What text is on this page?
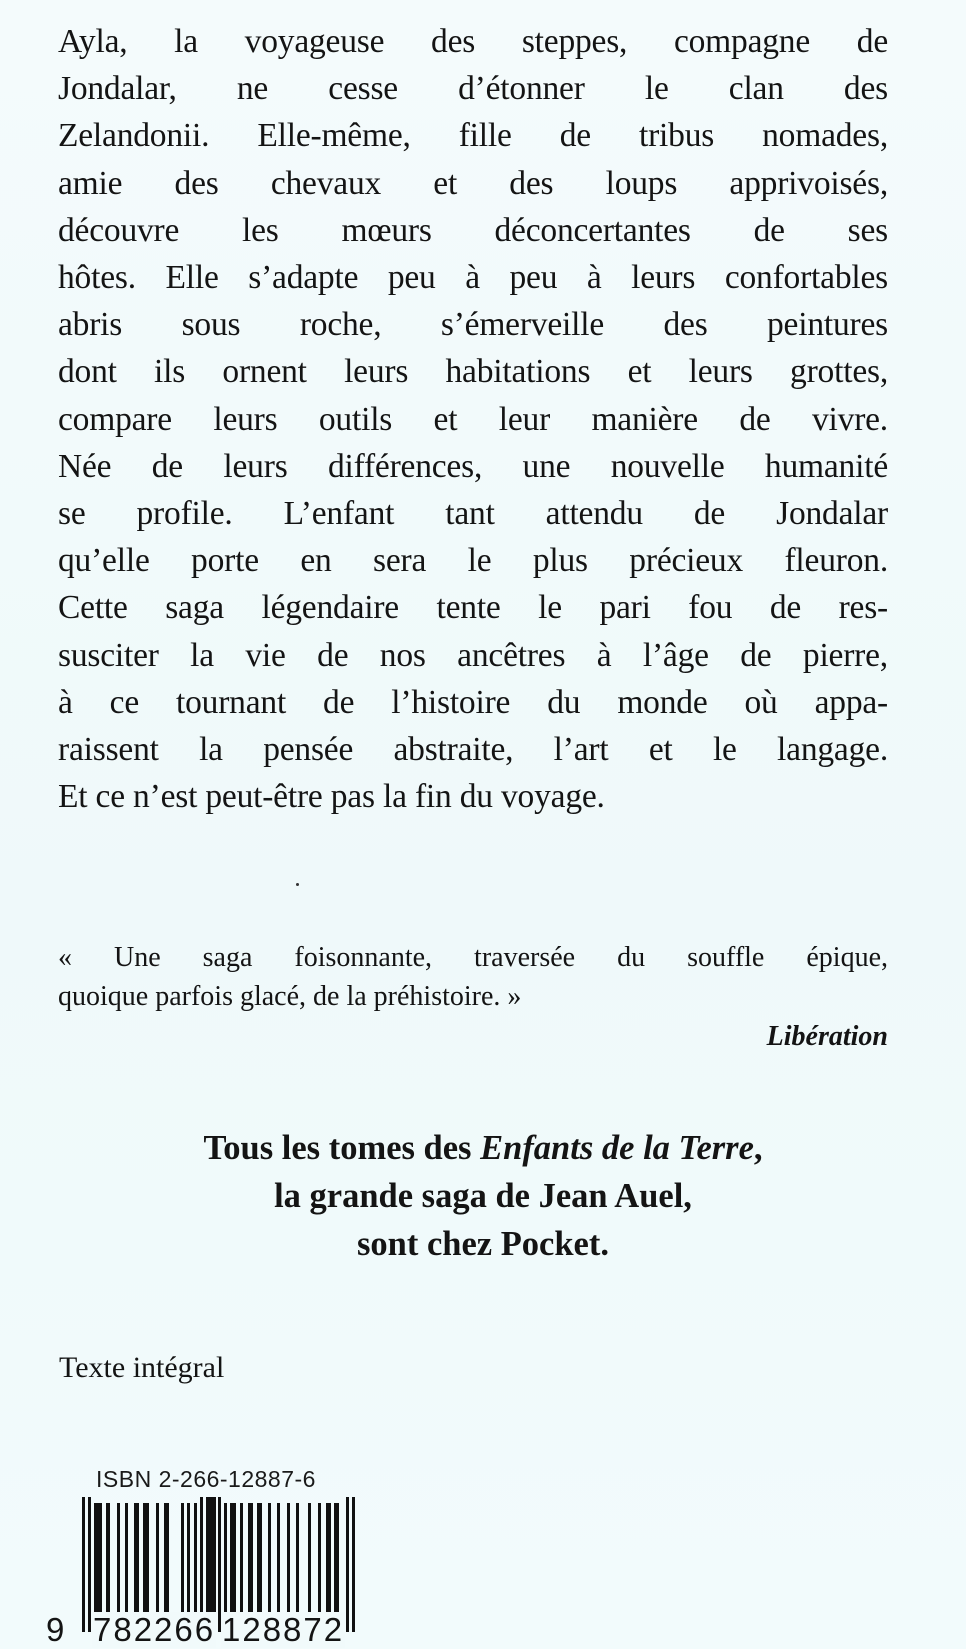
Ayla, la voyageuse des steppes, compagne de
Jondalar, ne cesse d’étonner le clan des
Zelandonii. Elle-même, fille de tribus nomades,
amie des chevaux et des loups apprivoisés,
découvre les mœurs déconcertantes de ses
hôtes. Elle s’adapte peu à peu à leurs confortables
abris sous roche, s’émerveille des peintures
dont ils ornent leurs habitations et leurs grottes,
compare leurs outils et leur manière de vivre.
Née de leurs différences, une nouvelle humanité
se profile. L’enfant tant attendu de Jondalar
qu’elle porte en sera le plus précieux fleuron.
Cette saga légendaire tente le pari fou de res-
susciter la vie de nos ancêtres à l’âge de pierre,
à ce tournant de l’histoire du monde où appa-
raissent la pensée abstraite, l’art et le langage.
Et ce n’est peut-être pas la fin du voyage.
« Une saga foisonnante, traversée du souffle épique,
quoique parfois glacé, de la préhistoire. »
Libération
Tous les tomes des Enfants de la Terre,
la grande saga de Jean Auel,
sont chez Pocket.
Texte intégral
ISBN 2-266-12887-6
9 782266 128872
